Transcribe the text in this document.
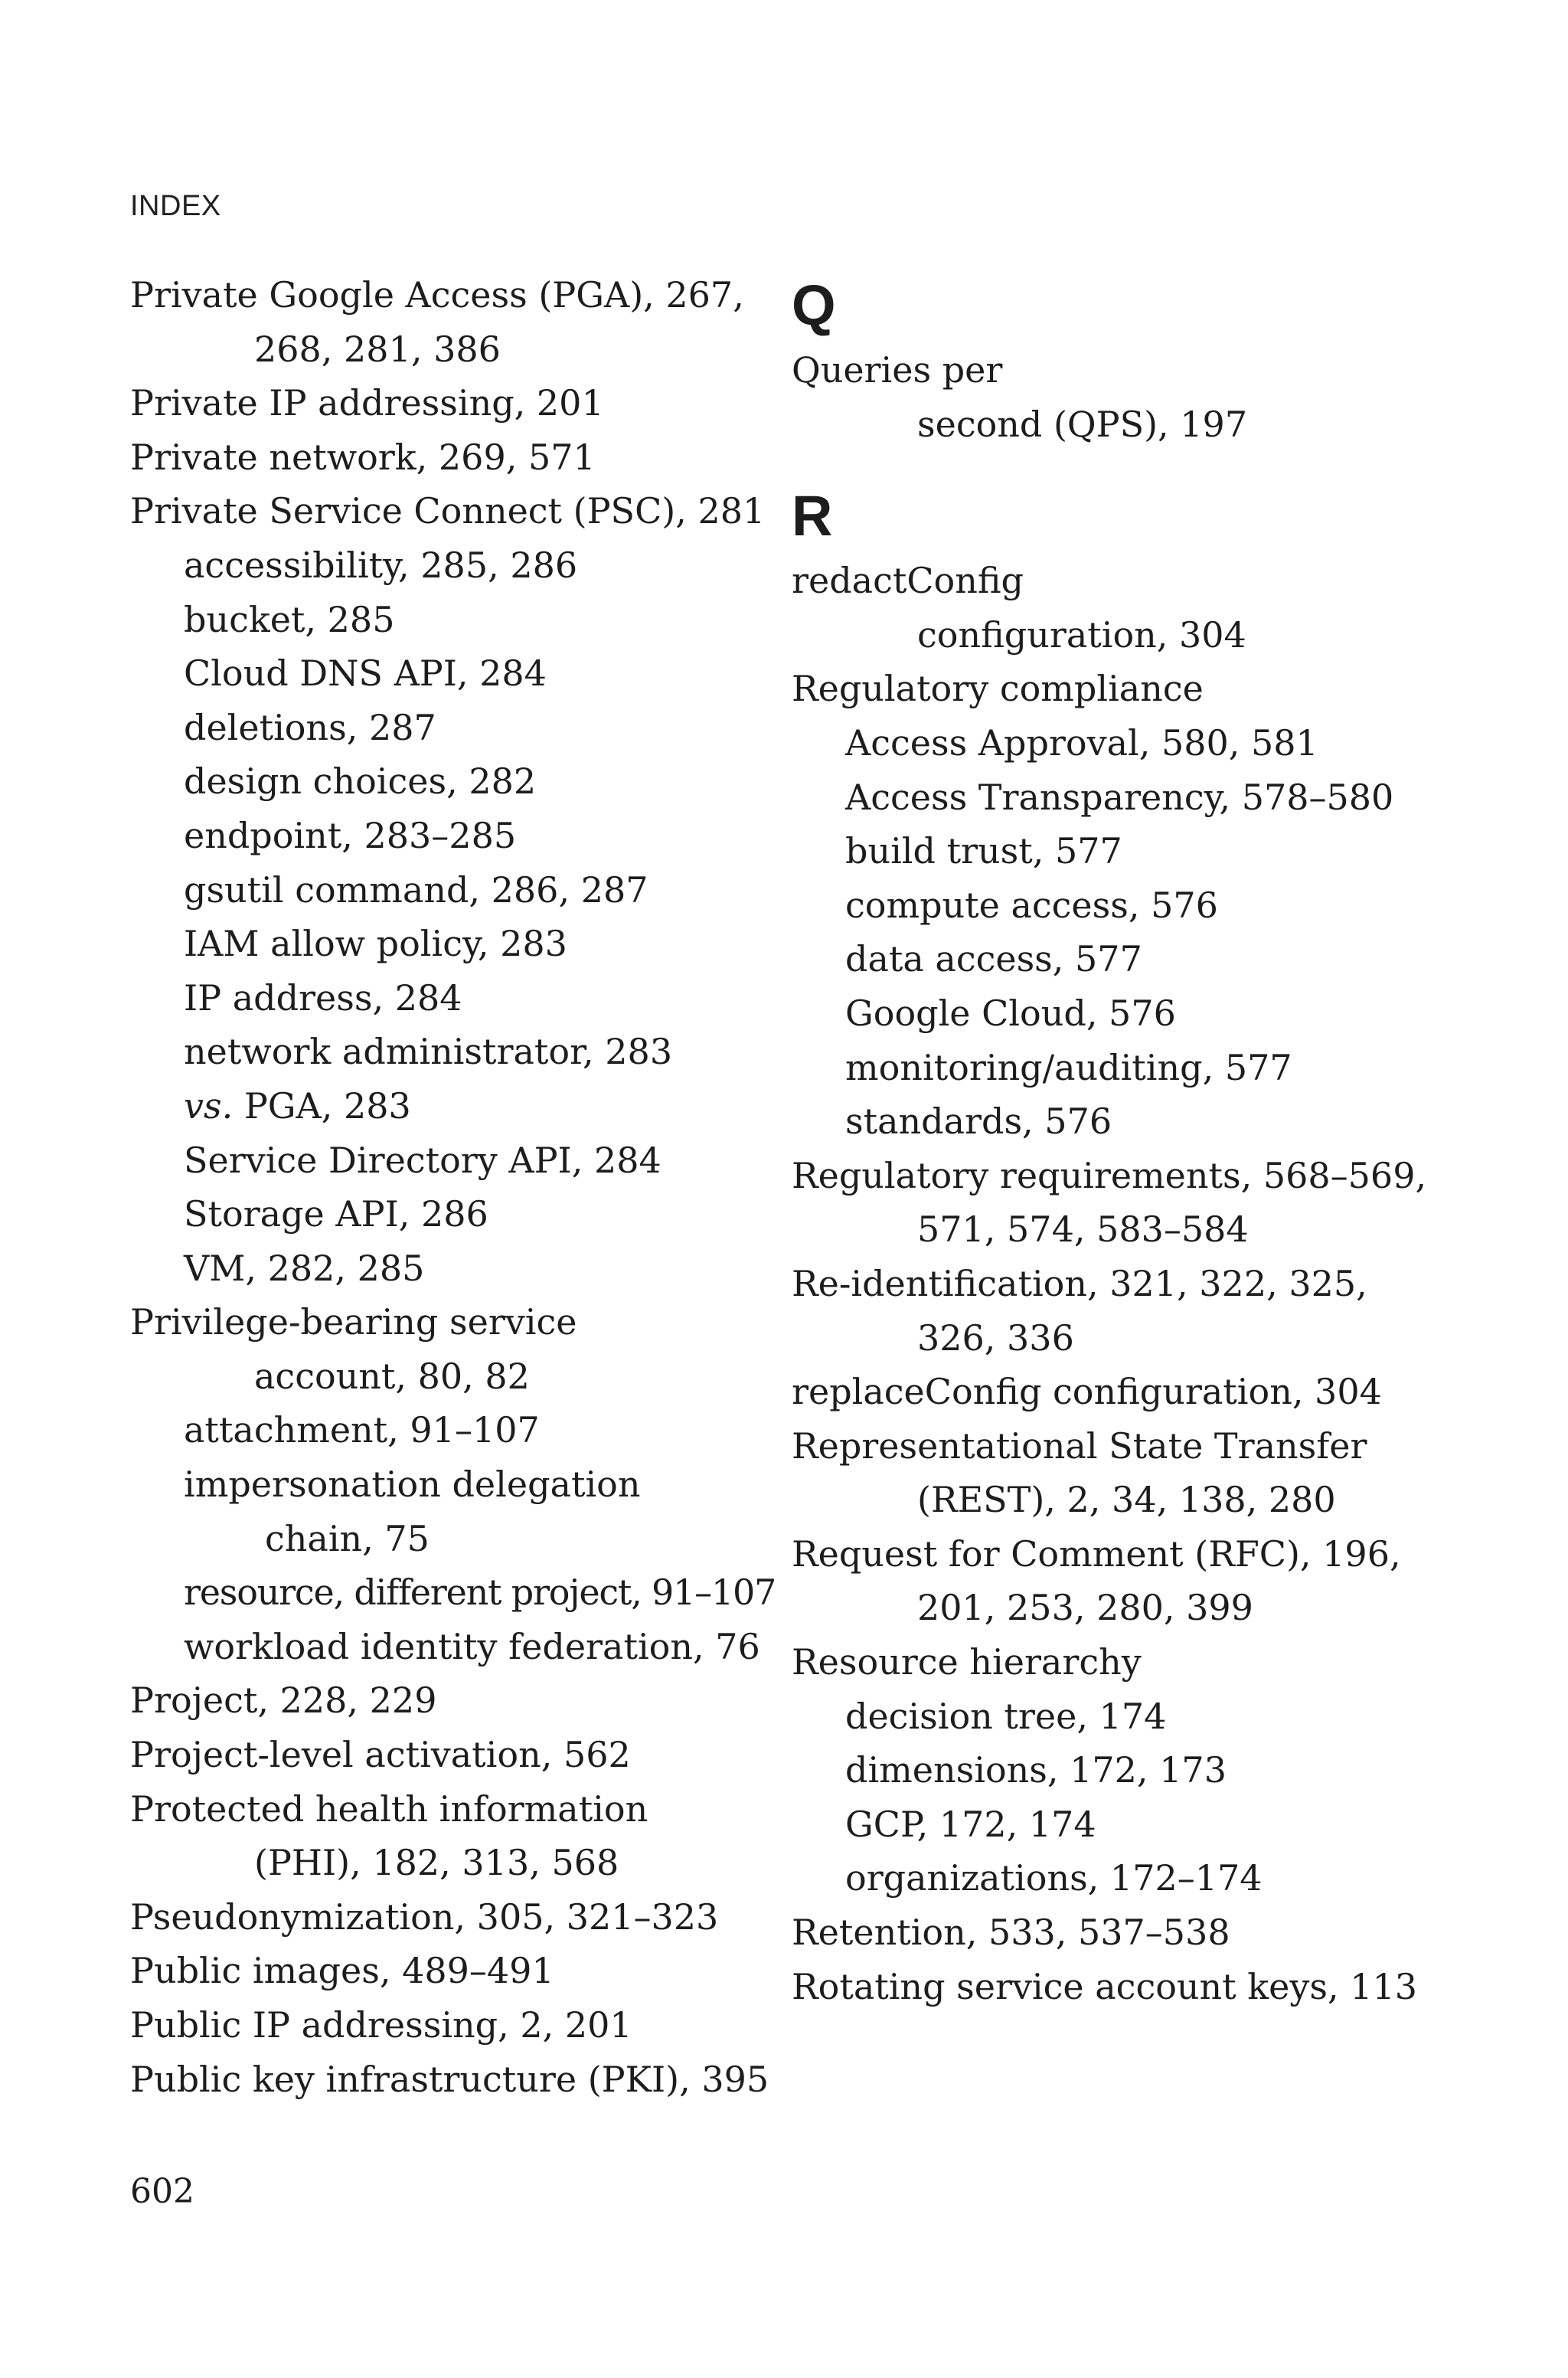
INDEX
Private Google Access (PGA), 267,
268, 281, 386
Private IP addressing, 201
Private network, 269, 571
Private Service Connect (PSC), 281
accessibility, 285, 286
bucket, 285
Cloud DNS API, 284
deletions, 287
design choices, 282
endpoint, 283–285
gsutil command, 286, 287
IAM allow policy, 283
IP address, 284
network administrator, 283
vs. PGA, 283
Service Directory API, 284
Storage API, 286
VM, 282, 285
Privilege-bearing service
account, 80, 82
attachment, 91–107
impersonation delegation
chain, 75
resource, different project, 91–107
workload identity federation, 76
Project, 228, 229
Project-level activation, 562
Protected health information
(PHI), 182, 313, 568
Pseudonymization, 305, 321–323
Public images, 489–491
Public IP addressing, 2, 201
Public key infrastructure (PKI), 395
Q
Queries per
second (QPS), 197
R
redactConfig
configuration, 304
Regulatory compliance
Access Approval, 580, 581
Access Transparency, 578–580
build trust, 577
compute access, 576
data access, 577
Google Cloud, 576
monitoring/auditing, 577
standards, 576
Regulatory requirements, 568–569,
571, 574, 583–584
Re-identification, 321, 322, 325,
326, 336
replaceConfig configuration, 304
Representational State Transfer
(REST), 2, 34, 138, 280
Request for Comment (RFC), 196,
201, 253, 280, 399
Resource hierarchy
decision tree, 174
dimensions, 172, 173
GCP, 172, 174
organizations, 172–174
Retention, 533, 537–538
Rotating service account keys, 113
602
